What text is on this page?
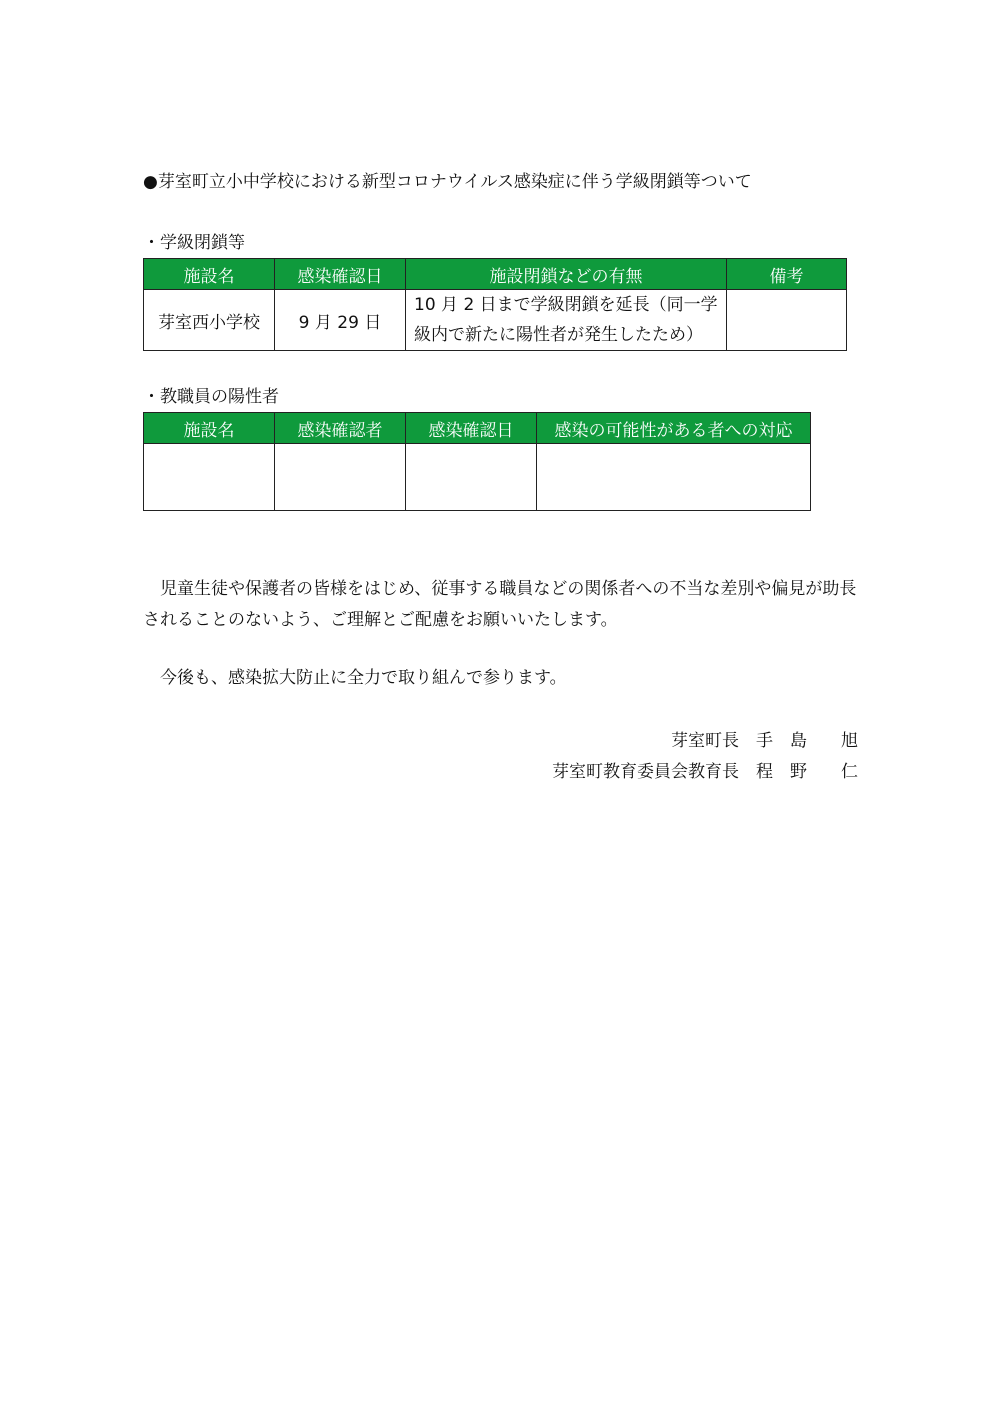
●芽室町立小中学校における新型コロナウイルス感染症に伴う学級閉鎖等ついて
・学級閉鎖等
施設名	感染確認日	施設閉鎖などの有無	備考
芽室西小学校	9 月 29 日	10 月 2 日まで学級閉鎖を延長（同一学
級内で新たに陽性者が発生したため）	

・教職員の陽性者
施設名	感染確認者	感染確認日	感染の可能性がある者への対応

児童生徒や保護者の皆様をはじめ、従事する職員などの関係者への不当な差別や偏見が助長されることのないよう、ご理解とご配慮をお願いいたします。
今後も、感染拡大防止に全力で取り組んで参ります。
芽室町長　手　島　　旭
芽室町教育委員会教育長　程　野　　仁
